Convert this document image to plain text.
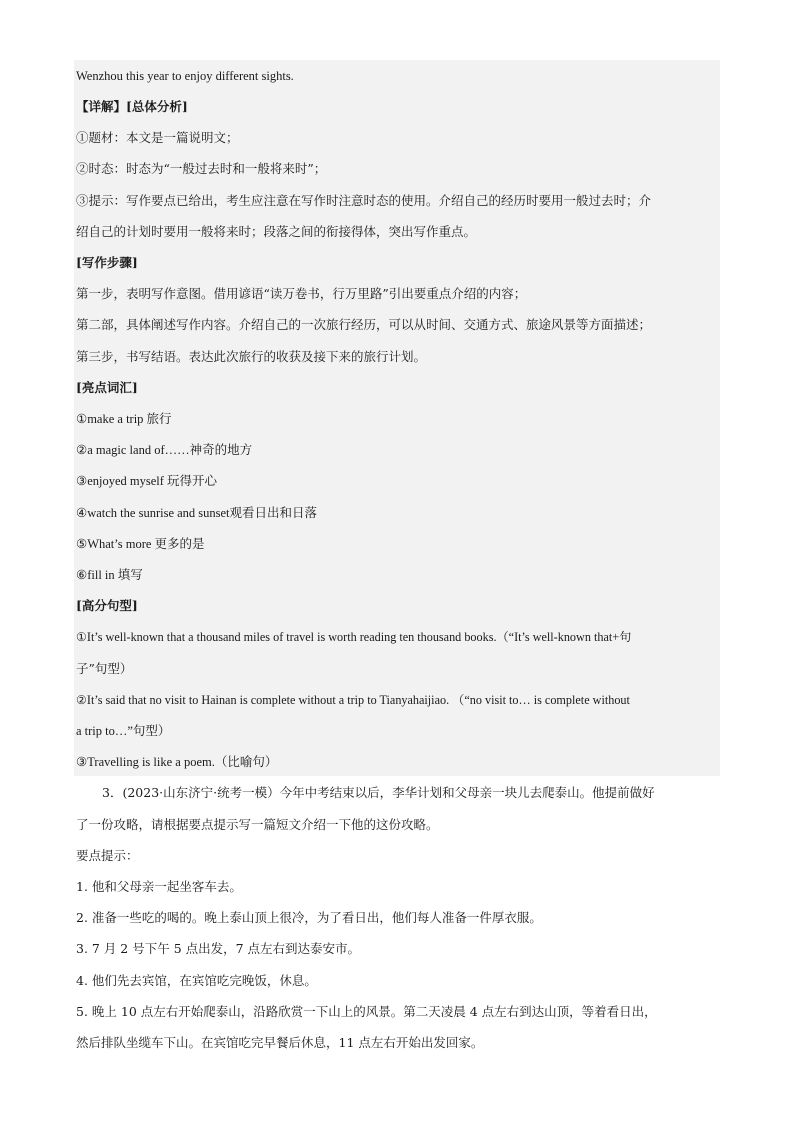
Wenzhou this year to enjoy different sights.
【详解】[总体分析]
①题材：本文是一篇说明文；
②时态：时态为“一般过去时和一般将来时”；
③提示：写作要点已给出，考生应注意在写作时注意时态的使用。介绍自己的经历时要用一般过去时；介
绍自己的计划时要用一般将来时；段落之间的衔接得体，突出写作重点。
[写作步骤]
第一步，表明写作意图。借用谚语“读万卷书，行万里路”引出要重点介绍的内容；
第二部，具体阐述写作内容。介绍自己的一次旅行经历，可以从时间、交通方式、旅途风景等方面描述；
第三步，书写结语。表达此次旅行的收获及接下来的旅行计划。
[亮点词汇]
①make a trip 旅行
②a magic land of……神奇的地方
③enjoyed myself 玩得开心
④watch the sunrise and sunset观看日出和日落
⑤What’s more 更多的是
⑥fill in 填写
[高分句型]
①It’s well-known that a thousand miles of travel is worth reading ten thousand books.（“It’s well-known that+句
子”句型）
②It’s said that no visit to Hainan is complete without a trip to Tianyahaijiao. （“no visit to… is complete without
a trip to…”句型）
③Travelling is like a poem.（比喻句）
3．(2023·山东济宁·统考一模）今年中考结束以后，李华计划和父母亲一块儿去爬泰山。他提前做好
了一份攻略，请根据要点提示写一篇短文介绍一下他的这份攻略。
要点提示：
1. 他和父母亲一起坐客车去。
2. 准备一些吃的喝的。晚上泰山顶上很冷，为了看日出，他们每人准备一件厚衣服。
3. 7 月 2 号下午 5 点出发，7 点左右到达泰安市。
4. 他们先去宾馆，在宾馆吃完晚饭，休息。
5. 晚上 10 点左右开始爬泰山，沿路欣赏一下山上的风景。第二天凌晨 4 点左右到达山顶，等着看日出，
然后排队坐缆车下山。在宾馆吃完早餐后休息，11 点左右开始出发回家。
